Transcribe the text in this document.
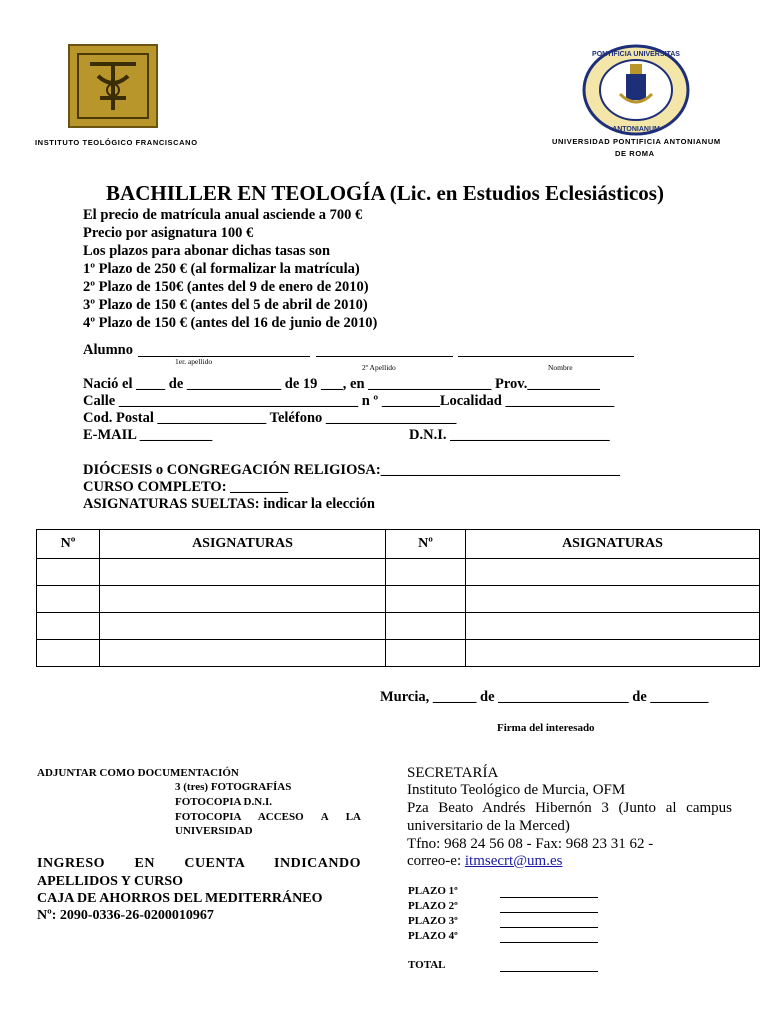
PONTIFICIA UNIVERSITAS
ANTONIANUM
INSTITUTO TEOLÓGICO FRANCISCANO	UNIVERSIDAD PONTIFICIA ANTONIANUM
DE ROMA
BACHILLER EN TEOLOGÍA (Lic. en Estudios Eclesiásticos)
El precio de matrícula anual asciende a 700 €
Precio por asignatura 100 €
Los plazos para abonar dichas tasas son
1º Plazo de 250 € (al formalizar la matrícula)
2º Plazo de 150€ (antes del 9 de enero de 2010)
3º Plazo de 150 € (antes del 5 de abril de 2010)
4º Plazo de 150 € (antes del 16 de junio de 2010)
Alumno
1er. apellido
2º Apellido	Nombre
Nació el ____ de _____________ de 19 ___, en _________________ Prov.__________
Calle _________________________________ n º ________Localidad _______________
Cod. Postal _______________ Teléfono __________________
E-MAIL __________	D.N.I. ______________________
DIÓCESIS o CONGREGACIÓN RELIGIOSA:_________________________________
CURSO COMPLETO: ________
ASIGNATURAS SUELTAS: indicar la elección
Nº	ASIGNATURAS	Nº	ASIGNATURAS

Murcia, ______ de __________________ de ________
Firma del interesado
ADJUNTAR COMO DOCUMENTACIÓN
3 (tres) FOTOGRAFÍAS
FOTOCOPIA D.N.I.
FOTOCOPIA ACCESO A LA
UNIVERSIDAD
SECRETARÍA
Instituto Teológico de Murcia, OFM
Pza Beato Andrés Hibernón 3 (Junto al campus
universitario de la Merced)
Tfno: 968 24 56 08 - Fax: 968 23 31 62 -
correo-e: itmsecrt@um.es
INGRESO EN CUENTA INDICANDO
APELLIDOS Y CURSO
CAJA DE AHORROS DEL MEDITERRÁNEO
Nº: 2090-0336-26-0200010967
PLAZO 1º
PLAZO 2º
PLAZO 3º
PLAZO 4º
TOTAL
